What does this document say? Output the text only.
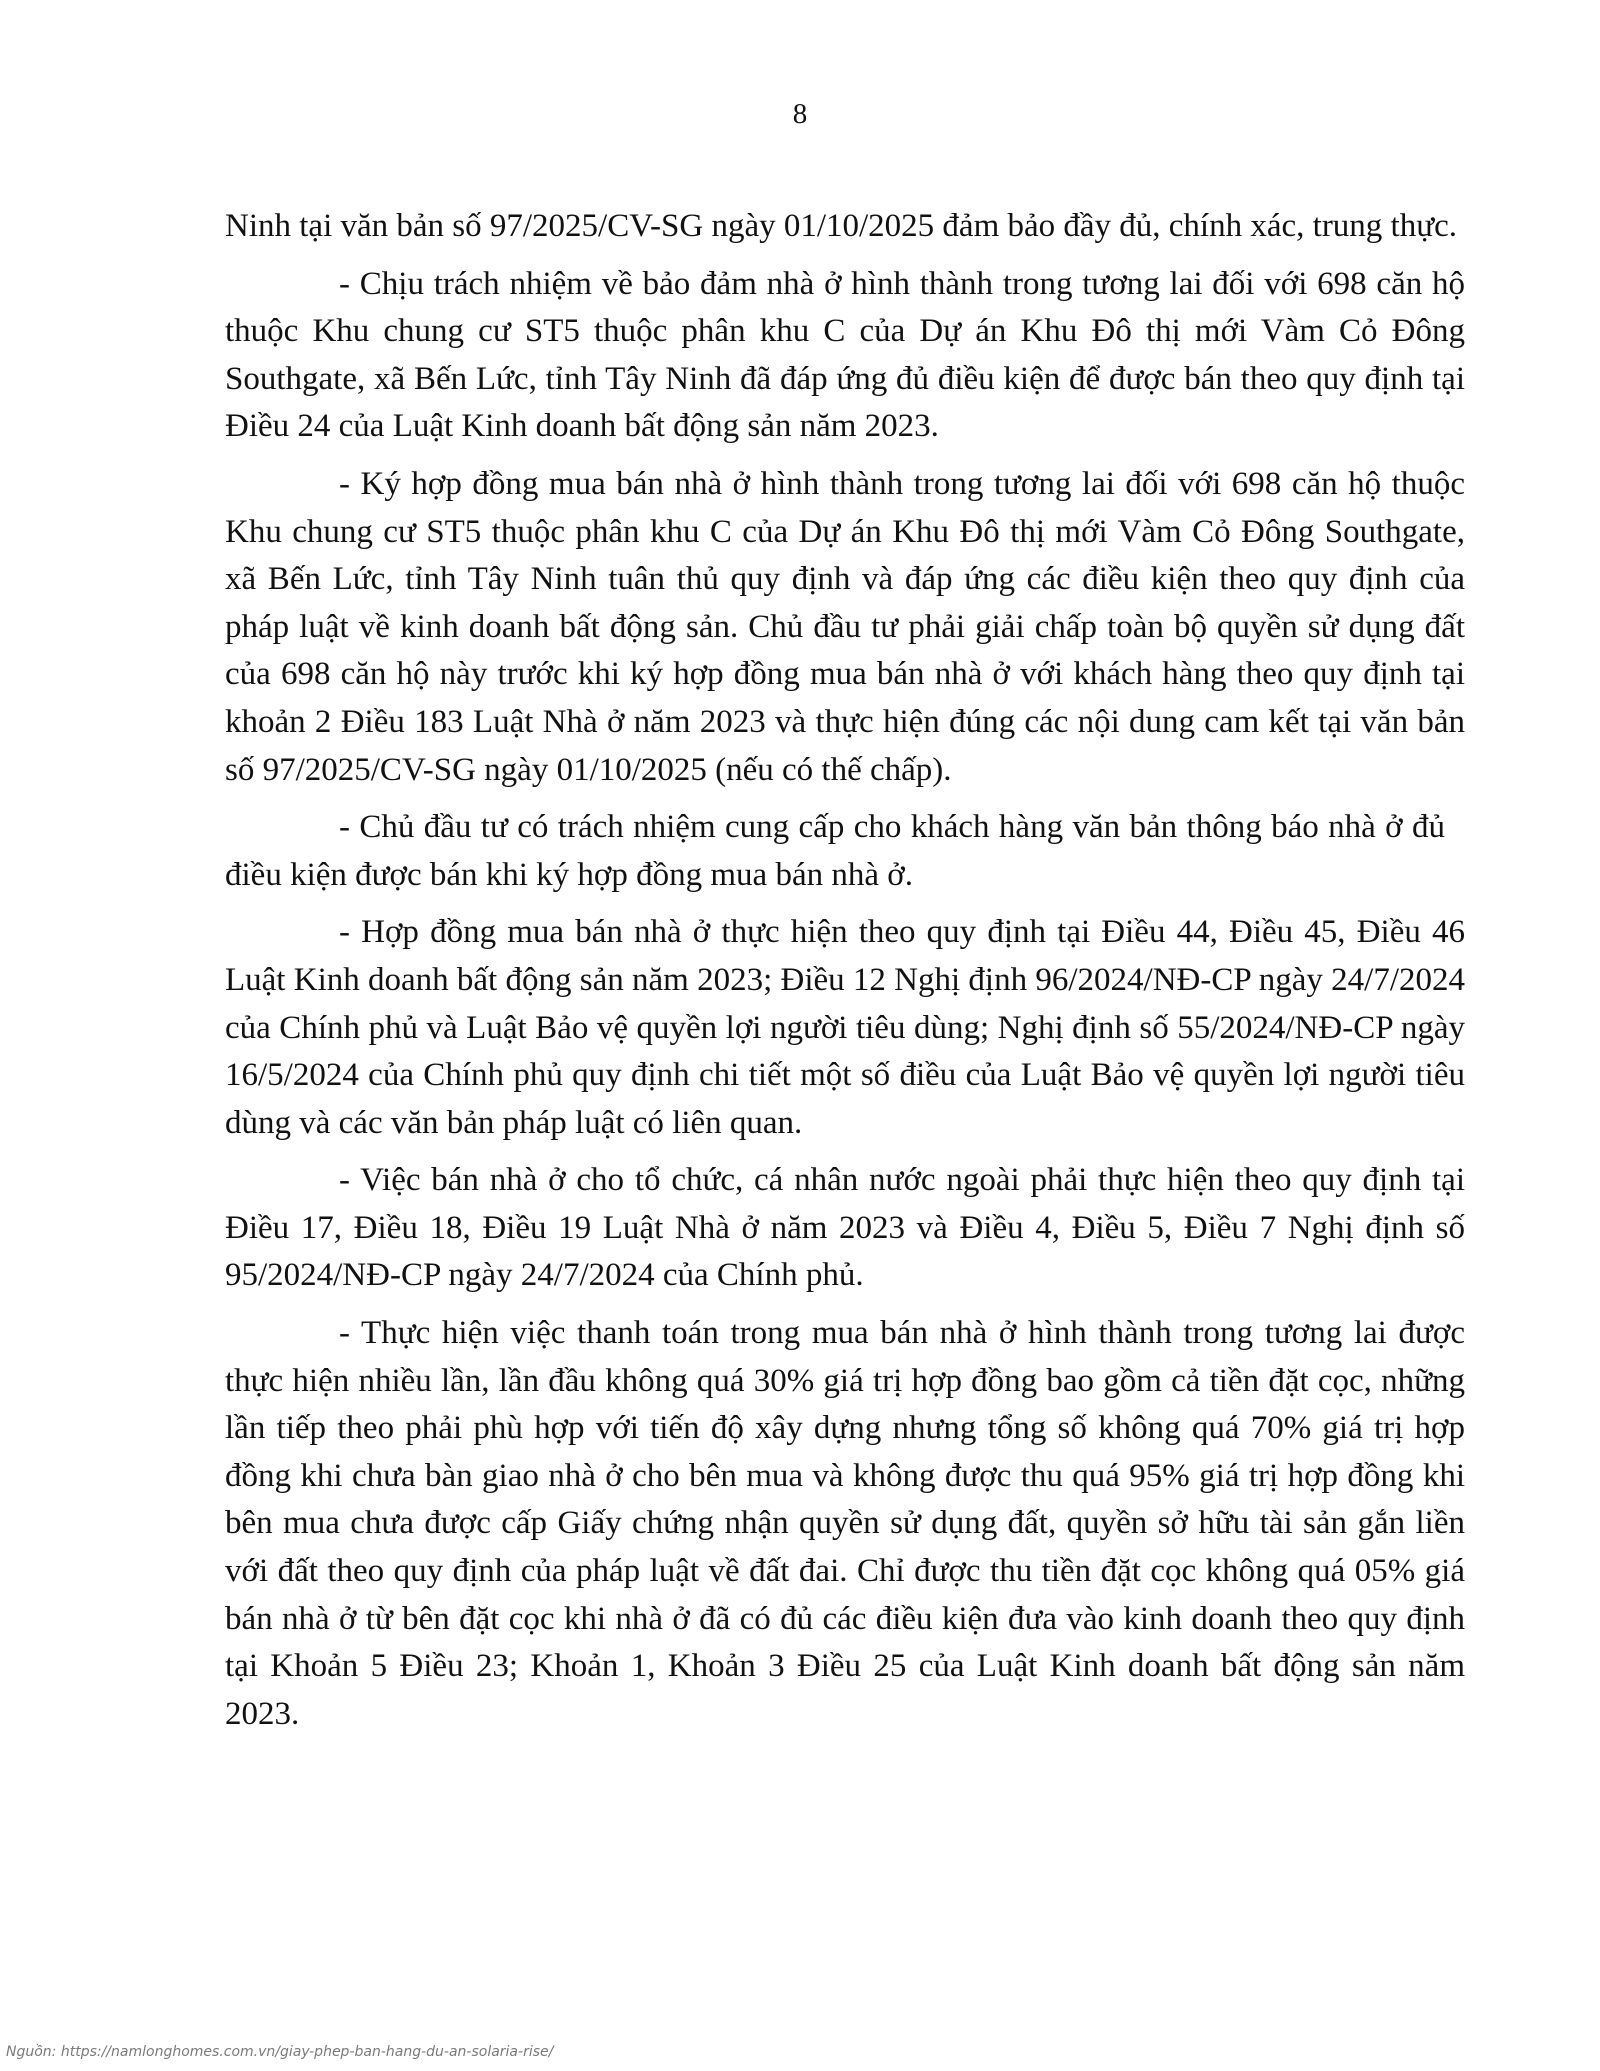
8

Ninh tại văn bản số 97/2025/CV-SG ngày 01/10/2025 đảm bảo đầy đủ, chính xác, trung thực.

- Chịu trách nhiệm về bảo đảm nhà ở hình thành trong tương lai đối với 698 căn hộ thuộc Khu chung cư ST5 thuộc phân khu C của Dự án Khu Đô thị mới Vàm Cỏ Đông Southgate, xã Bến Lức, tỉnh Tây Ninh đã đáp ứng đủ điều kiện để được bán theo quy định tại Điều 24 của Luật Kinh doanh bất động sản năm 2023.

- Ký hợp đồng mua bán nhà ở hình thành trong tương lai đối với 698 căn hộ thuộc Khu chung cư ST5 thuộc phân khu C của Dự án Khu Đô thị mới Vàm Cỏ Đông Southgate, xã Bến Lức, tỉnh Tây Ninh tuân thủ quy định và đáp ứng các điều kiện theo quy định của pháp luật về kinh doanh bất động sản. Chủ đầu tư phải giải chấp toàn bộ quyền sử dụng đất của 698 căn hộ này trước khi ký hợp đồng mua bán nhà ở với khách hàng theo quy định tại khoản 2 Điều 183 Luật Nhà ở năm 2023 và thực hiện đúng các nội dung cam kết tại văn bản số 97/2025/CV-SG ngày 01/10/2025 (nếu có thế chấp).

- Chủ đầu tư có trách nhiệm cung cấp cho khách hàng văn bản thông báo nhà ở đủ điều kiện được bán khi ký hợp đồng mua bán nhà ở.

- Hợp đồng mua bán nhà ở thực hiện theo quy định tại Điều 44, Điều 45, Điều 46 Luật Kinh doanh bất động sản năm 2023; Điều 12 Nghị định 96/2024/NĐ-CP ngày 24/7/2024 của Chính phủ và Luật Bảo vệ quyền lợi người tiêu dùng; Nghị định số 55/2024/NĐ-CP ngày 16/5/2024 của Chính phủ quy định chi tiết một số điều của Luật Bảo vệ quyền lợi người tiêu dùng và các văn bản pháp luật có liên quan.

- Việc bán nhà ở cho tổ chức, cá nhân nước ngoài phải thực hiện theo quy định tại Điều 17, Điều 18, Điều 19 Luật Nhà ở năm 2023 và Điều 4, Điều 5, Điều 7 Nghị định số 95/2024/NĐ-CP ngày 24/7/2024 của Chính phủ.

- Thực hiện việc thanh toán trong mua bán nhà ở hình thành trong tương lai được thực hiện nhiều lần, lần đầu không quá 30% giá trị hợp đồng bao gồm cả tiền đặt cọc, những lần tiếp theo phải phù hợp với tiến độ xây dựng nhưng tổng số không quá 70% giá trị hợp đồng khi chưa bàn giao nhà ở cho bên mua và không được thu quá 95% giá trị hợp đồng khi bên mua chưa được cấp Giấy chứng nhận quyền sử dụng đất, quyền sở hữu tài sản gắn liền với đất theo quy định của pháp luật về đất đai. Chỉ được thu tiền đặt cọc không quá 05% giá bán nhà ở từ bên đặt cọc khi nhà ở đã có đủ các điều kiện đưa vào kinh doanh theo quy định tại Khoản 5 Điều 23; Khoản 1, Khoản 3 Điều 25 của Luật Kinh doanh bất động sản năm 2023.

Nguồn: https://namlonghomes.com.vn/giay-phep-ban-hang-du-an-solaria-rise/
